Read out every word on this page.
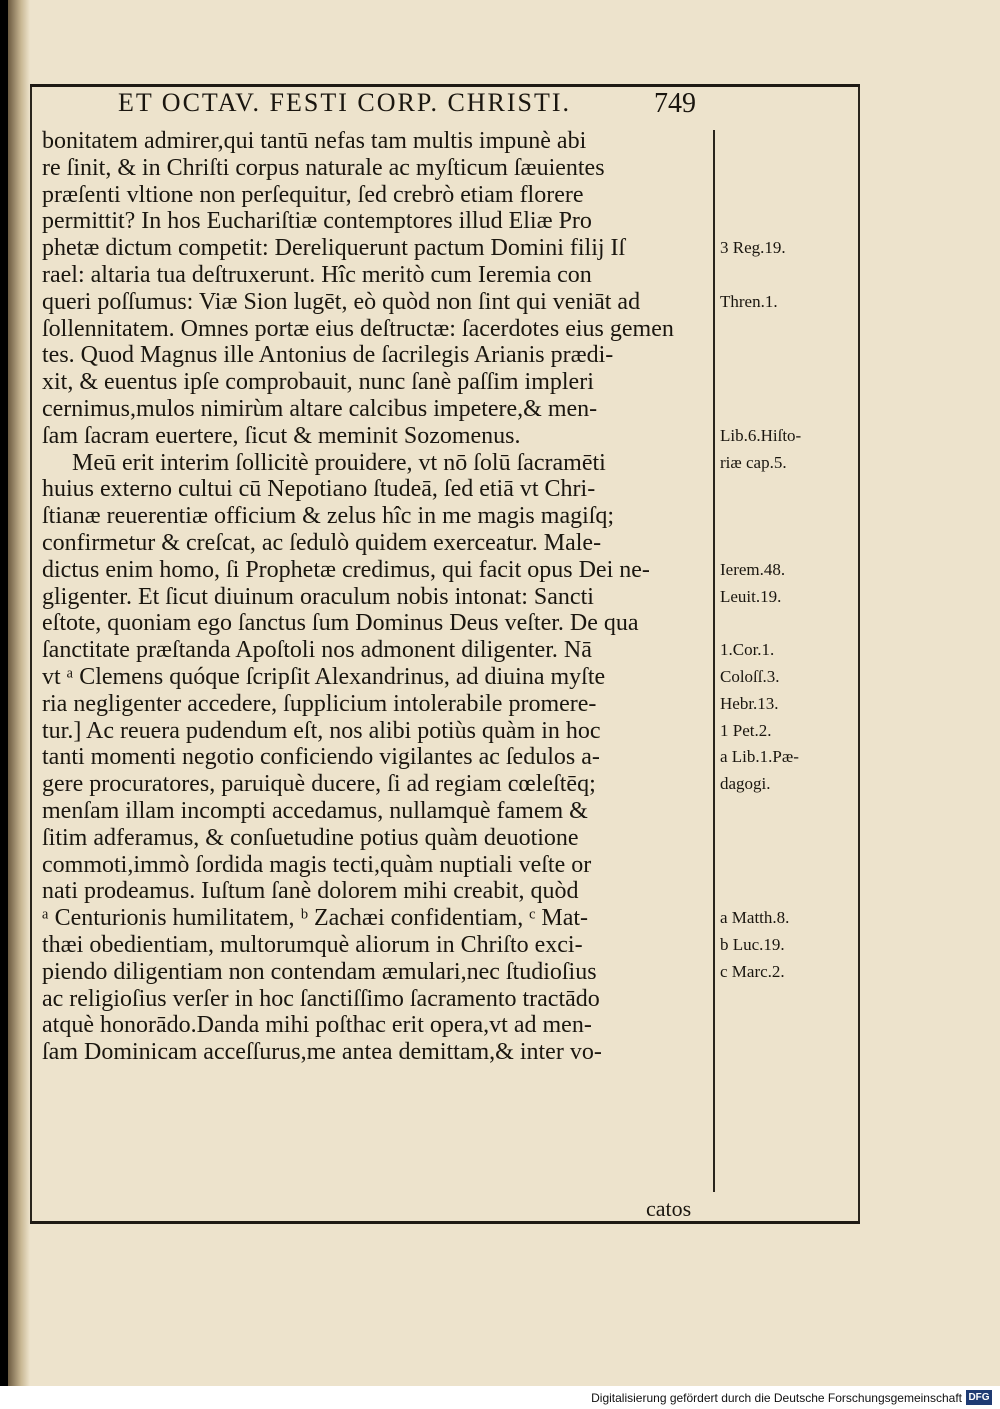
ET OCTAV. FESTI CORP. CHRISTI.	749
bonitatem admirer,qui tantū nefas tam multis impunè abi
re ſinit, & in Chriſti corpus naturale ac myſticum ſæuientes
præſenti vltione non perſequitur, ſed crebrò etiam florere
permittit? In hos Euchariſtiæ contemptores illud Eliæ Pro
phetæ dictum competit: Dereliquerunt pactum Domini filij Iſ
rael: altaria tua deſtruxerunt. Hîc meritò cum Ieremia con
queri poſſumus: Viæ Sion lugēt, eò quòd non ſint qui veniāt ad
ſollennitatem. Omnes portæ eius deſtructæ: ſacerdotes eius gemen
tes. Quod Magnus ille Antonius de ſacrilegis Arianis prædi-
xit, & euentus ipſe comprobauit, nunc ſanè paſſim impleri
cernimus,mulos nimirùm altare calcibus impetere,& men-
ſam ſacram euertere, ſicut & meminit Sozomenus.
Meū erit interim ſollicitè prouidere, vt nō ſolū ſacramēti
huius externo cultui cū Nepotiano ſtudeā, ſed etiā vt Chri-
ſtianæ reuerentiæ officium & zelus hîc in me magis magiſq;
confirmetur & creſcat, ac ſedulò quidem exerceatur. Male-
dictus enim homo, ſi Prophetæ credimus, qui facit opus Dei ne-
gligenter. Et ſicut diuinum oraculum nobis intonat: Sancti
eſtote, quoniam ego ſanctus ſum Dominus Deus veſter. De qua
ſanctitate præſtanda Apoſtoli nos admonent diligenter. Nā
vt ᵃ Clemens quóque ſcripſit Alexandrinus, ad diuina myſte
ria negligenter accedere, ſupplicium intolerabile promere-
tur.] Ac reuera pudendum eſt, nos alibi potiùs quàm in hoc
tanti momenti negotio conficiendo vigilantes ac ſedulos a-
gere procuratores, paruiquè ducere, ſi ad regiam cœleſtēq;
menſam illam incompti accedamus, nullamquè famem &
ſitim adferamus, & conſuetudine potius quàm deuotione
commoti,immò ſordida magis tecti,quàm nuptiali veſte or
nati prodeamus. Iuſtum ſanè dolorem mihi creabit, quòd
ᵃ Centurionis humilitatem, ᵇ Zachæi confidentiam, ᶜ Mat-
thæi obedientiam, multorumquè aliorum in Chriſto exci-
piendo diligentiam non contendam æmulari,nec ſtudioſius
ac religioſius verſer in hoc ſanctiſſimo ſacramento tractādo
atquè honorādo.Danda mihi poſthac erit opera,vt ad men-
ſam Dominicam acceſſurus,me antea demittam,& inter vo-
3 Reg.19.
Thren.1.
Lib.6.Hiſto-
riæ cap.5.
Ierem.48.
Leuit.19.
1.Cor.1.
Coloſſ.3.
Hebr.13.
1 Pet.2.
a Lib.1.Pæ-
dagogi.
a Matth.8.
b Luc.19.
c Marc.2.
catos
Digitalisierung gefördert durch die Deutsche Forschungsgemeinschaft DFG
